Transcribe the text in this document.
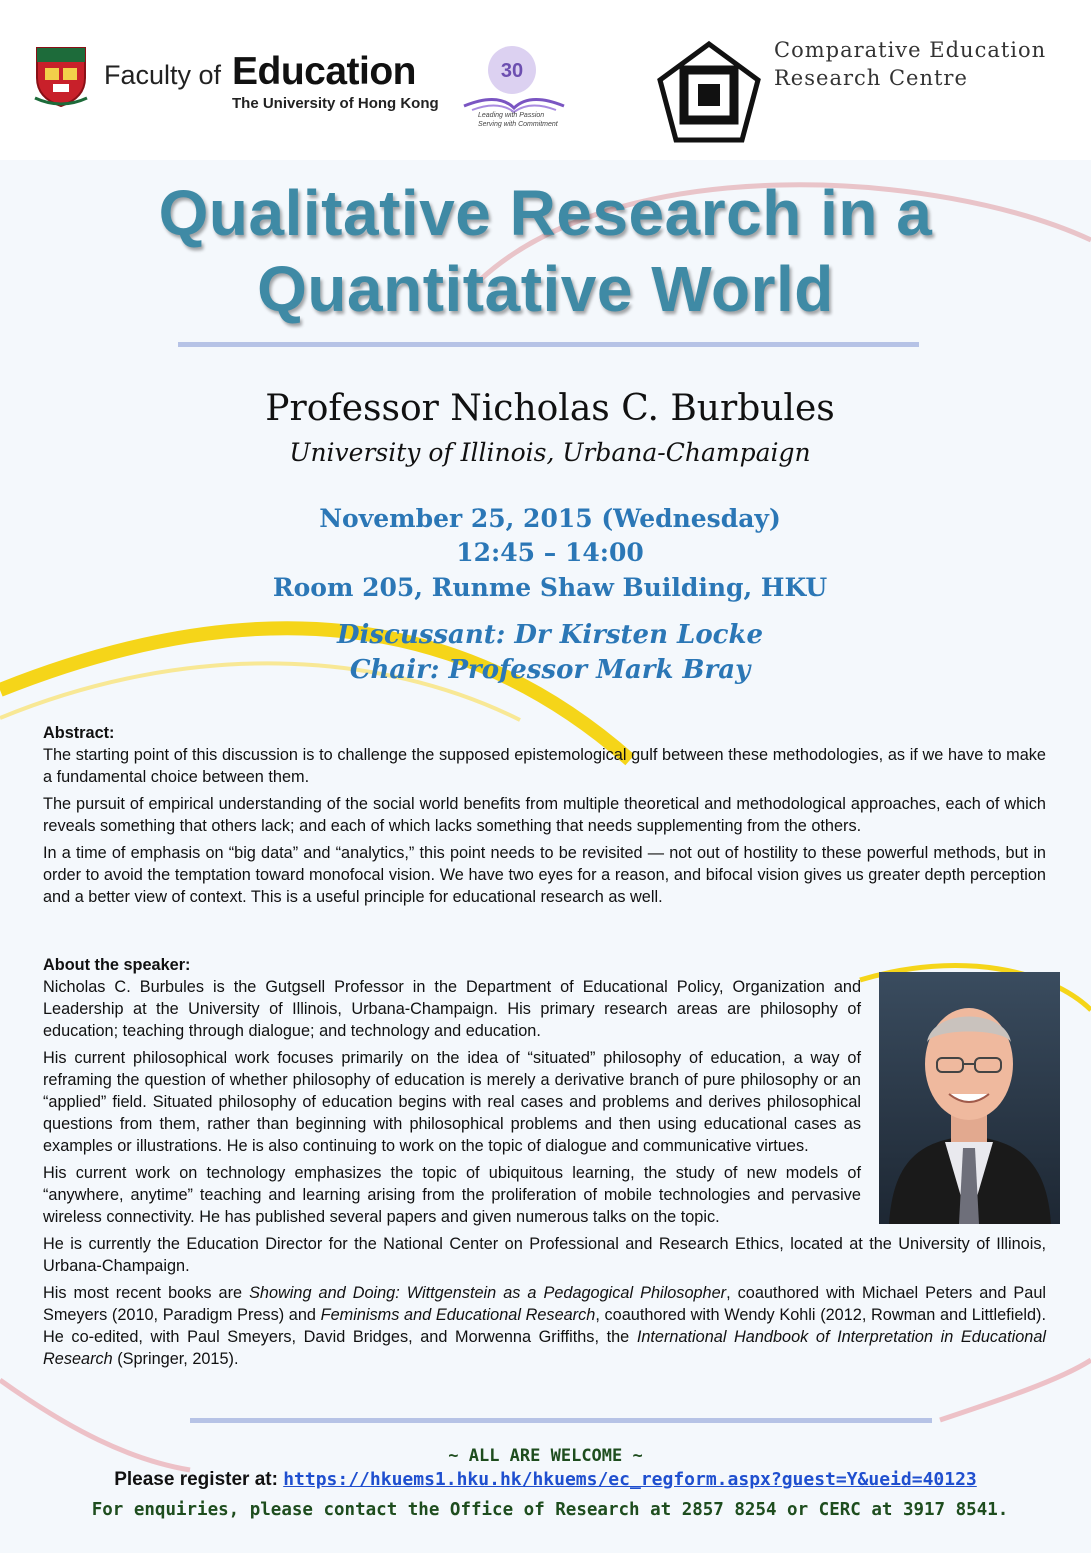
Faculty of Education
The University of Hong Kong
30
Leading with Passion
Serving with Commitment
Comparative Education
Research Centre
Qualitative Research in a
Quantitative World
Professor Nicholas C. Burbules
University of Illinois, Urbana-Champaign
November 25, 2015 (Wednesday)
12:45 – 14:00
Room 205, Runme Shaw Building, HKU
Discussant: Dr Kirsten Locke
Chair: Professor Mark Bray
Abstract:

The starting point of this discussion is to challenge the supposed epistemological gulf between these methodologies, as if we have to make a fundamental choice between them.

The pursuit of empirical understanding of the social world benefits from multiple theoretical and methodological approaches, each of which reveals something that others lack; and each of which lacks something that needs supplementing from the others.

In a time of emphasis on “big data” and “analytics,” this point needs to be revisited — not out of hostility to these powerful methods, but in order to avoid the temptation toward monofocal vision. We have two eyes for a reason, and bifocal vision gives us greater depth perception and a better view of context. This is a useful principle for educational research as well.

About the speaker:

Nicholas C. Burbules is the Gutgsell Professor in the Department of Educational Policy, Organization and Leadership at the University of Illinois, Urbana-Champaign. His primary research areas are philosophy of education; teaching through dialogue; and technology and education.

His current philosophical work focuses primarily on the idea of “situated” philosophy of education, a way of reframing the question of whether philosophy of education is merely a derivative branch of pure philosophy or an “applied” field. Situated philosophy of education begins with real cases and problems and derives philosophical questions from them, rather than beginning with philosophical problems and then using educational cases as examples or illustrations. He is also continuing to work on the topic of dialogue and communicative virtues.

His current work on technology emphasizes the topic of ubiquitous learning, the study of new models of “anywhere, anytime” teaching and learning arising from the proliferation of mobile technologies and pervasive wireless connectivity. He has published several papers and given numerous talks on the topic.

He is currently the Education Director for the National Center on Professional and Research Ethics, located at the University of Illinois, Urbana-Champaign.

His most recent books are Showing and Doing: Wittgenstein as a Pedagogical Philosopher, coauthored with Michael Peters and Paul Smeyers (2010, Paradigm Press) and Feminisms and Educational Research, coauthored with Wendy Kohli (2012, Rowman and Littlefield). He co-edited, with Paul Smeyers, David Bridges, and Morwenna Griffiths, the International Handbook of Interpretation in Educational Research (Springer, 2015).

~ ALL ARE WELCOME ~
Please register at: https://hkuems1.hku.hk/hkuems/ec_regform.aspx?guest=Y&ueid=40123
For enquiries, please contact the Office of Research at 2857 8254 or CERC at 3917 8541.
